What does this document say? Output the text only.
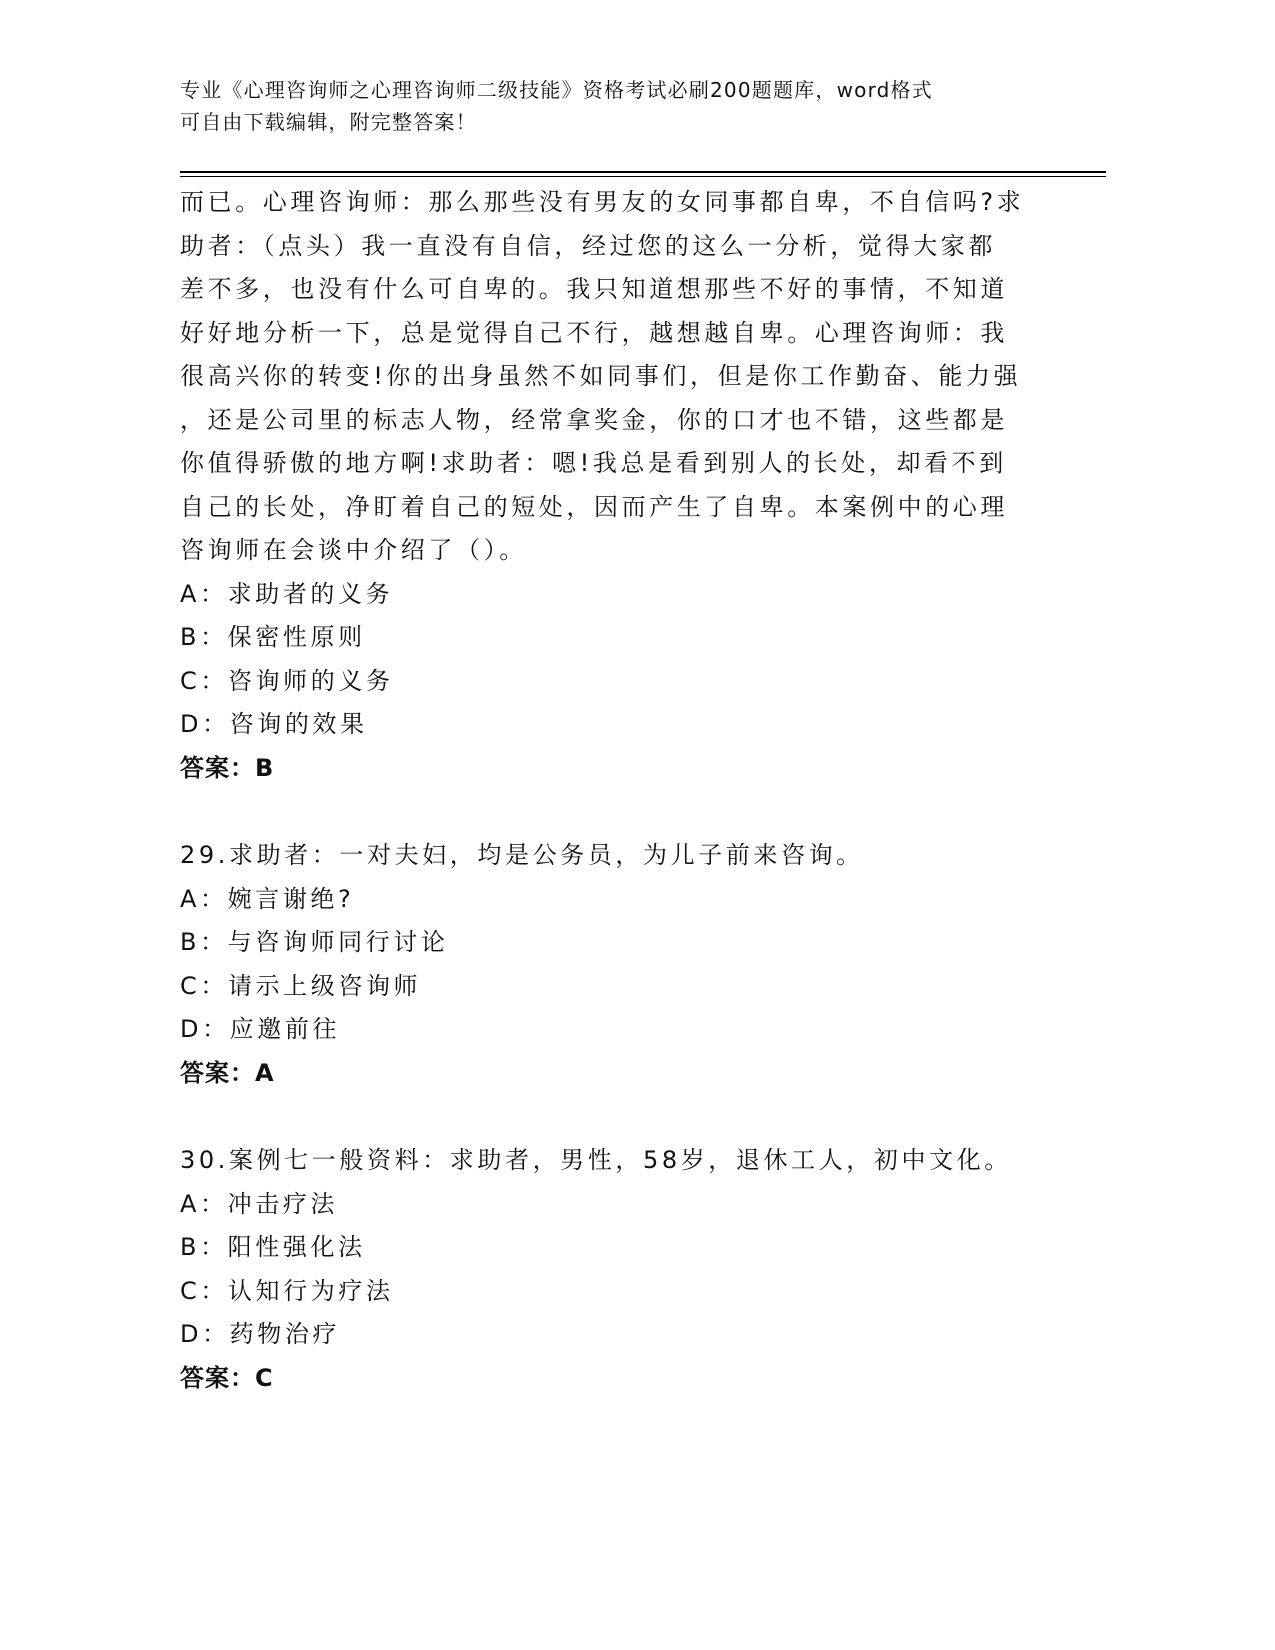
专业《心理咨询师之心理咨询师二级技能》资格考试必刷200题题库，word格式
可自由下载编辑，附完整答案！
而已。心理咨询师：那么那些没有男友的女同事都自卑，不自信吗?求
助者：（点头）我一直没有自信，经过您的这么一分析，觉得大家都
差不多，也没有什么可自卑的。我只知道想那些不好的事情，不知道
好好地分析一下，总是觉得自己不行，越想越自卑。心理咨询师：我
很高兴你的转变!你的出身虽然不如同事们，但是你工作勤奋、能力强
，还是公司里的标志人物，经常拿奖金，你的口才也不错，这些都是
你值得骄傲的地方啊!求助者：嗯!我总是看到别人的长处，却看不到
自己的长处，净盯着自己的短处，因而产生了自卑。本案例中的心理
咨询师在会谈中介绍了（）。
A：求助者的义务
B：保密性原则
C：咨询师的义务
D：咨询的效果
答案：B
29.求助者：一对夫妇，均是公务员，为儿子前来咨询。
A：婉言谢绝?
B：与咨询师同行讨论
C：请示上级咨询师
D：应邀前往
答案：A
30.案例七一般资料：求助者，男性，58岁，退休工人，初中文化。
A：冲击疗法
B：阳性强化法
C：认知行为疗法
D：药物治疗
答案：C
